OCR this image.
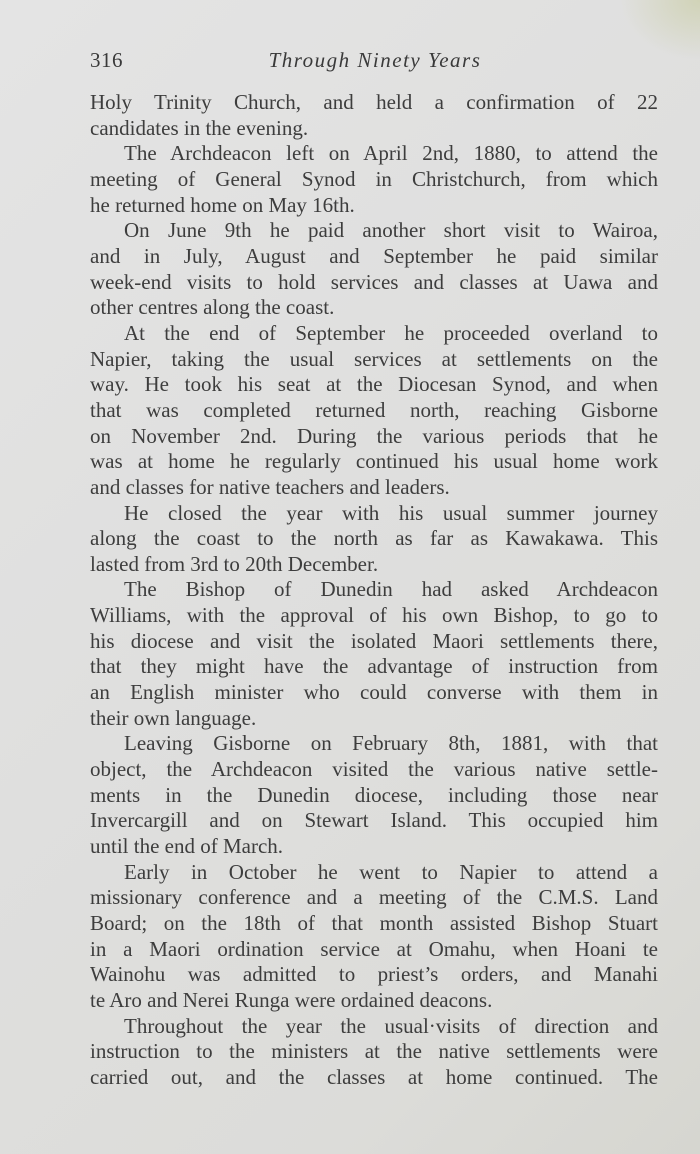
316	Through Ninety Years
Holy Trinity Church, and held a confirmation of 22
candidates in the evening.
The Archdeacon left on April 2nd, 1880, to attend the
meeting of General Synod in Christchurch, from which
he returned home on May 16th.
On June 9th he paid another short visit to Wairoa,
and in July, August and September he paid similar
week-end visits to hold services and classes at Uawa and
other centres along the coast.
At the end of September he proceeded overland to
Napier, taking the usual services at settlements on the
way. He took his seat at the Diocesan Synod, and when
that was completed returned north, reaching Gisborne
on November 2nd. During the various periods that he
was at home he regularly continued his usual home work
and classes for native teachers and leaders.
He closed the year with his usual summer journey
along the coast to the north as far as Kawakawa. This
lasted from 3rd to 20th December.
The Bishop of Dunedin had asked Archdeacon
Williams, with the approval of his own Bishop, to go to
his diocese and visit the isolated Maori settlements there,
that they might have the advantage of instruction from
an English minister who could converse with them in
their own language.
Leaving Gisborne on February 8th, 1881, with that
object, the Archdeacon visited the various native settle-
ments in the Dunedin diocese, including those near
Invercargill and on Stewart Island. This occupied him
until the end of March.
Early in October he went to Napier to attend a
missionary conference and a meeting of the C.M.S. Land
Board; on the 18th of that month assisted Bishop Stuart
in a Maori ordination service at Omahu, when Hoani te
Wainohu was admitted to priest’s orders, and Manahi
te Aro and Nerei Runga were ordained deacons.
Throughout the year the usual·visits of direction and
instruction to the ministers at the native settlements were
carried out, and the classes at home continued. The
